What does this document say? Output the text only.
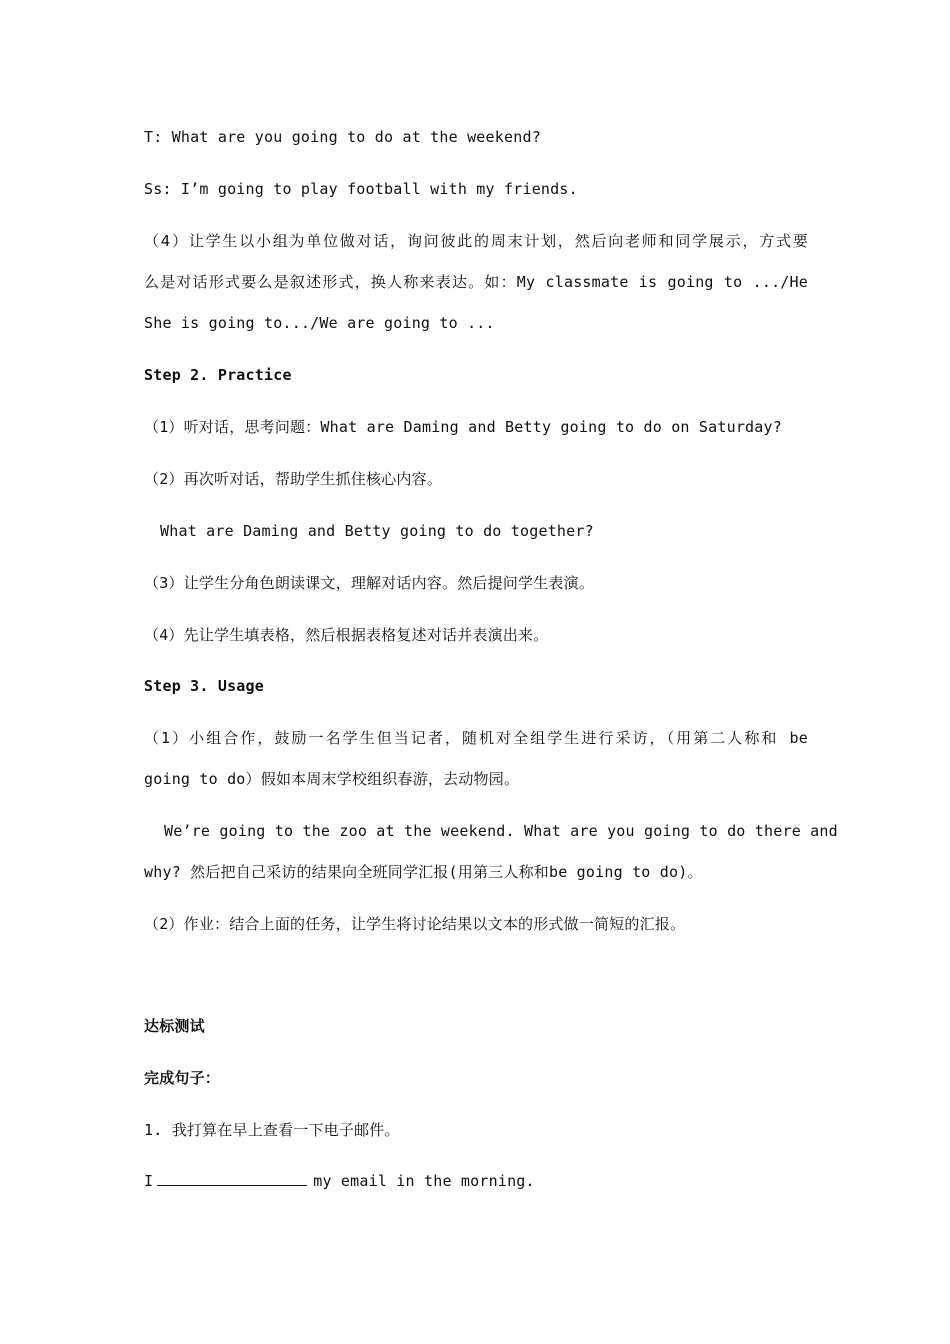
T: What are you going to do at the weekend?
Ss: I’m going to play football with my friends.
（4）让学生以小组为单位做对话，询问彼此的周末计划，然后向老师和同学展示，方式要
么是对话形式要么是叙述形式，换人称来表达。如：My classmate is going to .../He
She is going to.../We are going to ...
Step 2. Practice
（1）听对话，思考问题：What are Daming and Betty going to do on Saturday?
（2）再次听对话，帮助学生抓住核心内容。
What are Daming and Betty going to do together?
（3）让学生分角色朗读课文，理解对话内容。然后提问学生表演。
（4）先让学生填表格，然后根据表格复述对话并表演出来。
Step 3. Usage
（1）小组合作，鼓励一名学生但当记者，随机对全组学生进行采访，（用第二人称和 be
going to do）假如本周末学校组织春游，去动物园。
We’re going to the zoo at the weekend. What are you going to do there and
why? 然后把自己采访的结果向全班同学汇报(用第三人称和be going to do)。
（2）作业：结合上面的任务，让学生将讨论结果以文本的形式做一简短的汇报。
达标测试
完成句子：
1. 我打算在早上查看一下电子邮件。
I	my email in the morning.
